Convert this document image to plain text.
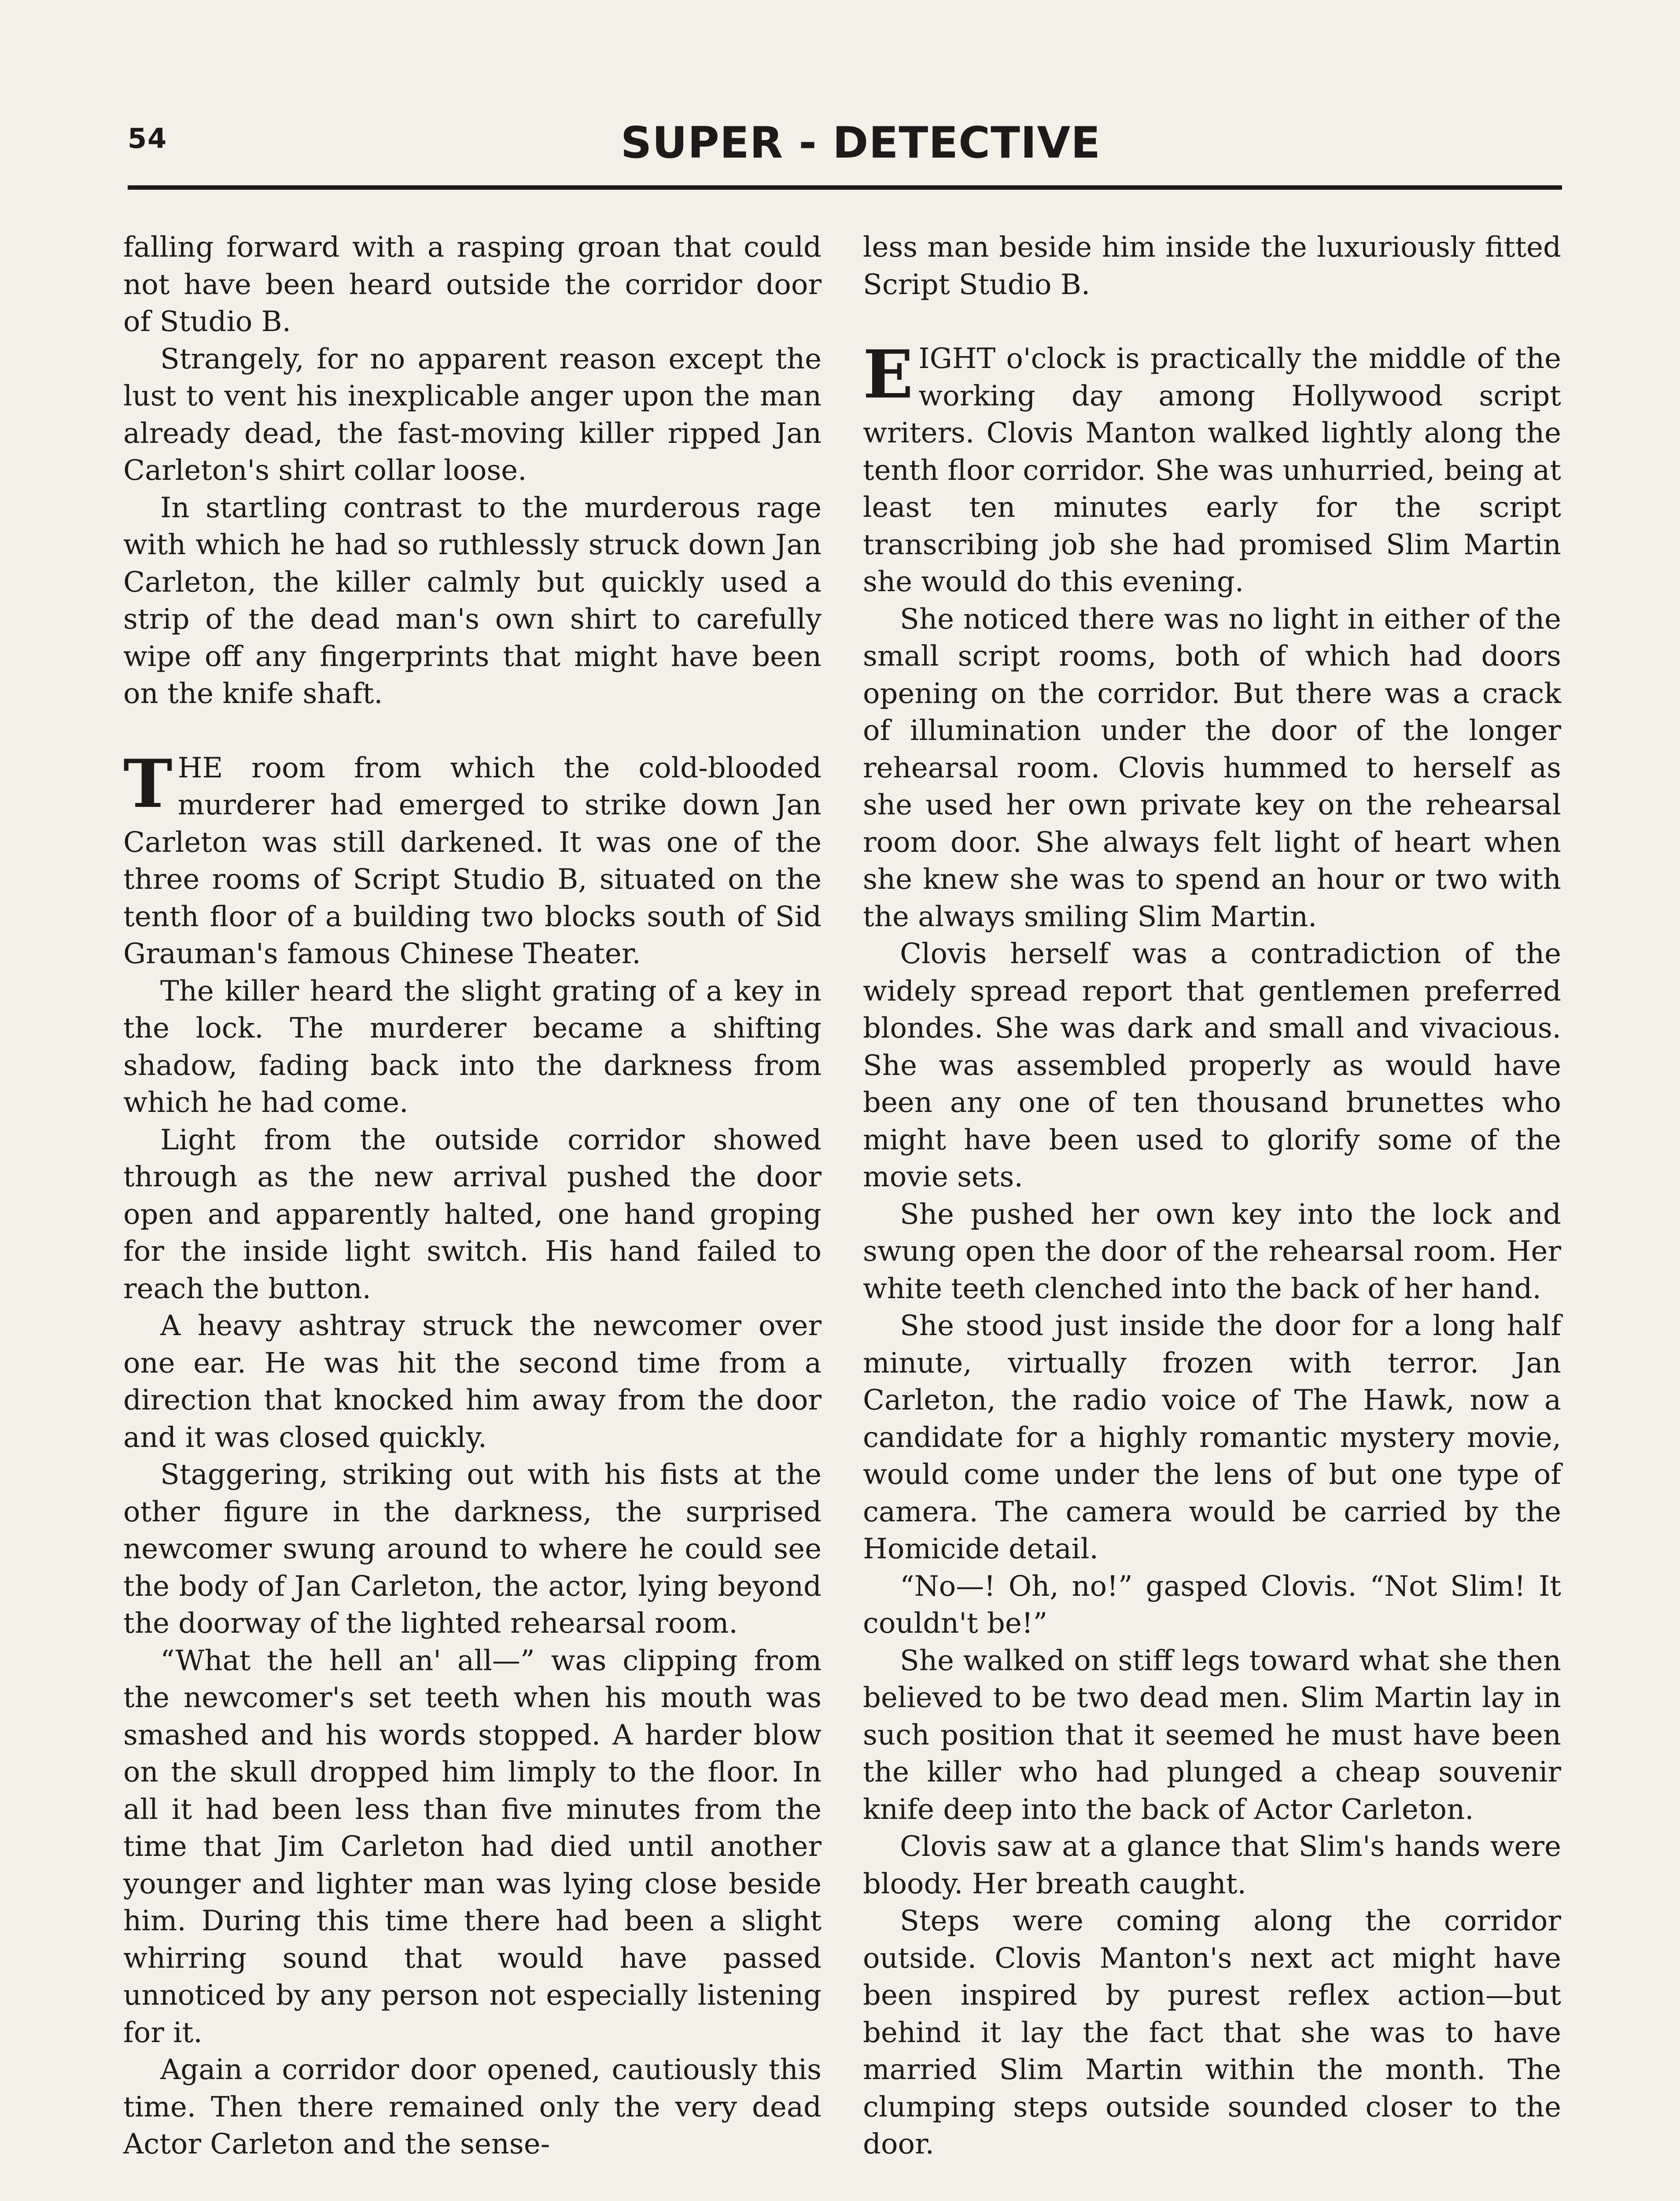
54	SUPER - DETECTIVE

falling forward with a rasping groan that could not have been heard outside the corridor door of Studio B.

Strangely, for no apparent reason except the lust to vent his inexplicable anger upon the man already dead, the fast-moving killer ripped Jan Carleton's shirt collar loose.

In startling contrast to the murderous rage with which he had so ruthlessly struck down Jan Carleton, the killer calmly but quickly used a strip of the dead man's own shirt to carefully wipe off any fingerprints that might have been on the knife shaft.

THE room from which the cold-blooded murderer had emerged to strike down Jan Carleton was still darkened. It was one of the three rooms of Script Studio B, situated on the tenth floor of a building two blocks south of Sid Grauman's famous Chinese Theater.

The killer heard the slight grating of a key in the lock. The murderer became a shifting shadow, fading back into the darkness from which he had come.

Light from the outside corridor showed through as the new arrival pushed the door open and apparently halted, one hand groping for the inside light switch. His hand failed to reach the button.

A heavy ashtray struck the newcomer over one ear. He was hit the second time from a direction that knocked him away from the door and it was closed quickly.

Staggering, striking out with his fists at the other figure in the darkness, the surprised newcomer swung around to where he could see the body of Jan Carleton, the actor, lying beyond the doorway of the lighted rehearsal room.

“What the hell an' all—” was clipping from the newcomer's set teeth when his mouth was smashed and his words stopped. A harder blow on the skull dropped him limply to the floor. In all it had been less than five minutes from the time that Jim Carleton had died until another younger and lighter man was lying close beside him. During this time there had been a slight whirring sound that would have passed unnoticed by any person not especially listening for it.

Again a corridor door opened, cautiously this time. Then there remained only the very dead Actor Carleton and the sense-

less man beside him inside the luxuriously fitted Script Studio B.

EIGHT o'clock is practically the middle of the working day among Hollywood script writers. Clovis Manton walked lightly along the tenth floor corridor. She was unhurried, being at least ten minutes early for the script transcribing job she had promised Slim Martin she would do this evening.

She noticed there was no light in either of the small script rooms, both of which had doors opening on the corridor. But there was a crack of illumination under the door of the longer rehearsal room. Clovis hummed to herself as she used her own private key on the rehearsal room door. She always felt light of heart when she knew she was to spend an hour or two with the always smiling Slim Martin.

Clovis herself was a contradiction of the widely spread report that gentlemen preferred blondes. She was dark and small and vivacious. She was assembled properly as would have been any one of ten thousand brunettes who might have been used to glorify some of the movie sets.

She pushed her own key into the lock and swung open the door of the rehearsal room. Her white teeth clenched into the back of her hand.

She stood just inside the door for a long half minute, virtually frozen with terror. Jan Carleton, the radio voice of The Hawk, now a candidate for a highly romantic mystery movie, would come under the lens of but one type of camera. The camera would be carried by the Homicide detail.

“No—! Oh, no!” gasped Clovis. “Not Slim! It couldn't be!”

She walked on stiff legs toward what she then believed to be two dead men. Slim Martin lay in such position that it seemed he must have been the killer who had plunged a cheap souvenir knife deep into the back of Actor Carleton.

Clovis saw at a glance that Slim's hands were bloody. Her breath caught.

Steps were coming along the corridor outside. Clovis Manton's next act might have been inspired by purest reflex action—but behind it lay the fact that she was to have married Slim Martin within the month. The clumping steps outside sounded closer to the door.
